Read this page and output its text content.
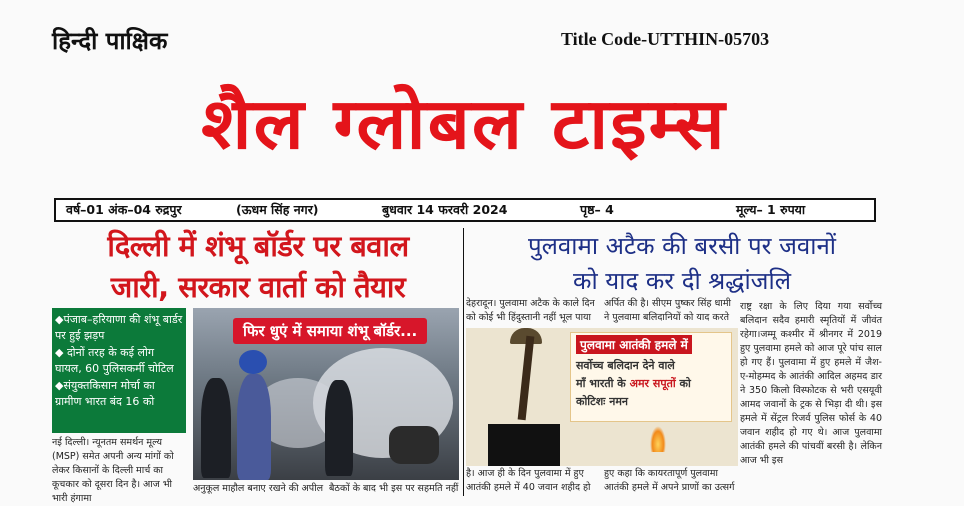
हिन्दी पाक्षिक	Title Code-UTTHIN-05703
शैल ग्लोबल टाइम्स
वर्ष–01 अंक–04 रुद्रपुर	(ऊधम सिंह नगर)	बुधवार 14 फरवरी 2024	पृष्ठ– 4	मूल्य– 1 रुपया
दिल्ली में शंभू बॉर्डर पर बवाल
जारी, सरकार वार्ता को तैयार
पुलवामा अटैक की बरसी पर जवानों
को याद कर दी श्रद्धांजलि
◆पंजाब–हरियाणा की शंभू बार्डर पर हुई झड़प
◆ दोनों तरह के कई लोग घायल, 60 पुलिसकर्मी चोटिल
◆संयुक्तकिसान मोर्चा का ग्रामीण भारत बंद 16 को
फिर धुएं में समाया शंभू बॉर्डर...
नई दिल्ली। न्यूनतम समर्थन मूल्य (MSP) समेत अपनी अन्य मांगों को लेकर किसानों के दिल्ली मार्च का कूचकार को दूसरा दिन है। आज भी भारी हंगामा
अनुकूल माहौल बनाए रखने की अपील बैठकों के बाद भी इस पर सहमति नहीं
देहरादून। पुलवामा अटैक के काले दिन को कोई भी हिंदुस्तानी नहीं भूल पाया
अर्पित की है। सीएम पुष्कर सिंह धामी ने पुलवामा बलिदानियों को याद करते
पुलवामा आतंकी हमले में
सर्वोच्च बलिदान देने वाले
माँ भारती के अमर सपूतों को
कोटिशः नमन
है। आज ही के दिन पुलवामा में हुए आतंकी हमले में 40 जवान शहीद हो
हुए कहा कि कायरतापूर्ण पुलवामा आतंकी हमले में अपने प्राणों का उत्सर्ग
राष्ट्र रक्षा के लिए दिया गया सर्वोच्च बलिदान सदैव हमारी स्मृतियों में जीवंत रहेगा।जम्मू कश्मीर में श्रीनगर में 2019 हुए पुलवामा हमले को आज पूरे पांच साल हो गए हैं। पुलवामा में हुए हमले में जैश-ए-मोहम्मद के आतंकी आदिल अहमद डार ने 350 किलो विस्फोटक से भरी एसयूवी आमद जवानों के ट्रक से भिड़ा दी थी। इस हमले में सेंट्रल रिजर्व पुलिस फोर्स के 40 जवान शहीद हो गए थे। आज पुलवामा आतंकी हमले की पांचवीं बरसी है। लेकिन आज भी इस
